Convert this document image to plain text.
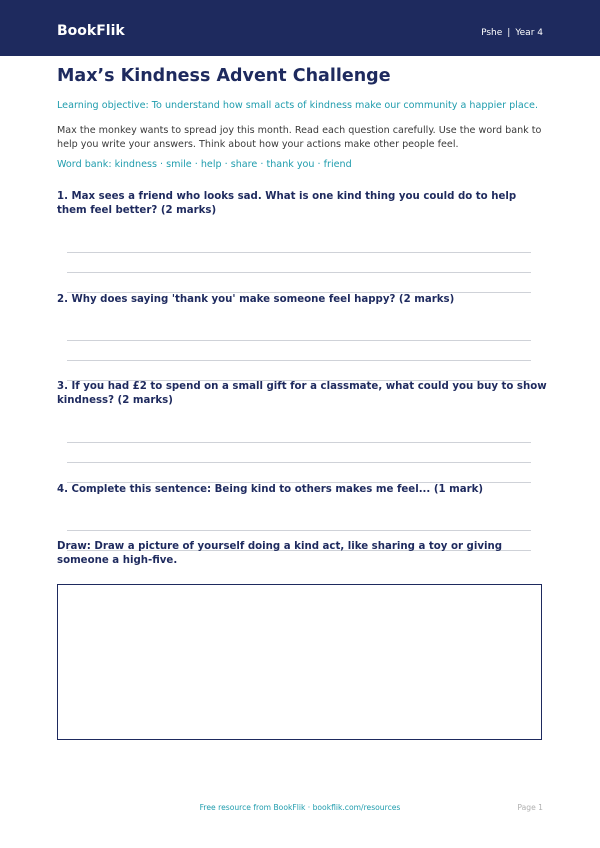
BookFlik	Pshe | Year 4
Max’s Kindness Advent Challenge
Learning objective: To understand how small acts of kindness make our community a happier place.
Max the monkey wants to spread joy this month. Read each question carefully. Use the word bank to help you write your answers. Think about how your actions make other people feel.
Word bank: kindness · smile · help · share · thank you · friend
1. Max sees a friend who looks sad. What is one kind thing you could do to help them feel better? (2 marks)
2. Why does saying 'thank you' make someone feel happy? (2 marks)
3. If you had £2 to spend on a small gift for a classmate, what could you buy to show kindness? (2 marks)
4. Complete this sentence: Being kind to others makes me feel... (1 mark)
Draw: Draw a picture of yourself doing a kind act, like sharing a toy or giving someone a high-five.
Free resource from BookFlik · bookflik.com/resources	Page 1
